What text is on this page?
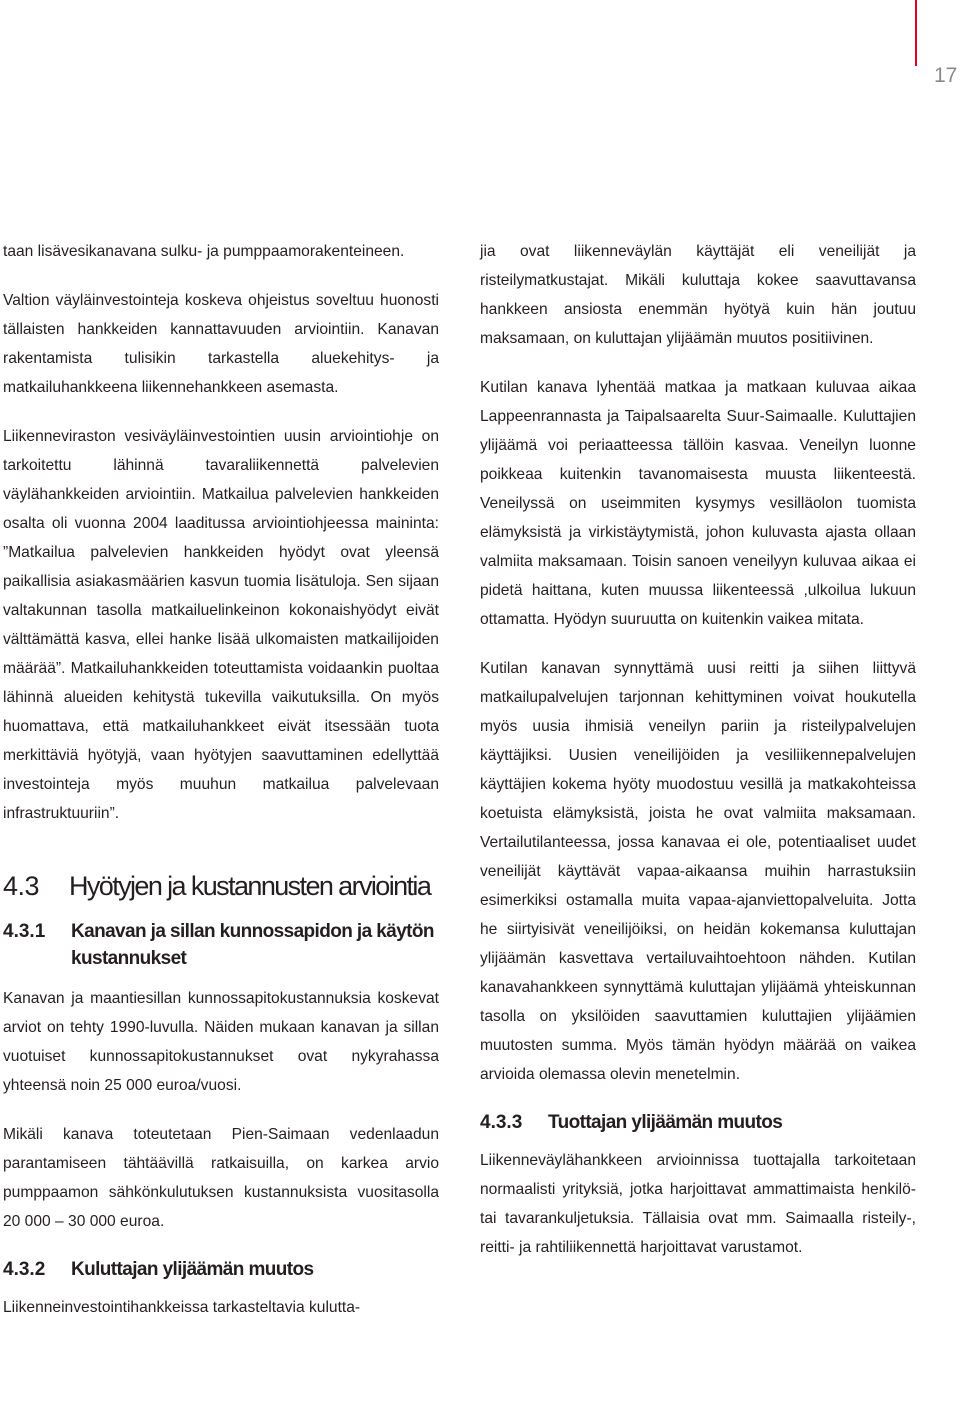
17

taan lisävesikanavana sulku- ja pumppaamorakenteineen.

Valtion väyläinvestointeja koskeva ohjeistus soveltuu huonosti tällaisten hankkeiden kannattavuuden arviointiin. Kanavan rakentamista tulisikin tarkastella aluekehitys- ja matkailuhankkeena liikennehankkeen asemasta.

Liikenneviraston vesiväyläinvestointien uusin arviointiohje on tarkoitettu lähinnä tavaraliikennettä palvelevien väylähankkeiden arviointiin. Matkailua palvelevien hankkeiden osalta oli vuonna 2004 laaditussa arviointiohjeessa maininta: ”Matkailua palvelevien hankkeiden hyödyt ovat yleensä paikallisia asiakasmäärien kasvun tuomia lisätuloja. Sen sijaan valtakunnan tasolla matkailuelinkeinon kokonaishyödyt eivät välttämättä kasva, ellei hanke lisää ulkomaisten matkailijoiden määrää”. Matkailuhankkeiden toteuttamista voidaankin puoltaa lähinnä alueiden kehitystä tukevilla vaikutuksilla. On myös huomattava, että matkailuhankkeet eivät itsessään tuota merkittäviä hyötyjä, vaan hyötyjen saavuttaminen edellyttää investointeja myös muuhun matkailua palvelevaan infrastruktuuriin”.

4.3	Hyötyjen ja kustannusten arviointia
4.3.1	Kanavan ja sillan kunnossapidon ja käytön kustannukset

Kanavan ja maantiesillan kunnossapitokustannuksia koskevat arviot on tehty 1990-luvulla. Näiden mukaan kanavan ja sillan vuotuiset kunnossapitokustannukset ovat nykyrahassa yhteensä noin 25 000 euroa/vuosi.

Mikäli kanava toteutetaan Pien-Saimaan vedenlaadun parantamiseen tähtäävillä ratkaisuilla, on karkea arvio pumppaamon sähkönkulutuksen kustannuksista vuositasolla 20 000 – 30 000 euroa.

4.3.2	Kuluttajan ylijäämän muutos

Liikenneinvestointihankkeissa tarkasteltavia kulutta-

jia ovat liikenneväylän käyttäjät eli veneilijät ja risteilymatkustajat. Mikäli kuluttaja kokee saavuttavansa hankkeen ansiosta enemmän hyötyä kuin hän joutuu maksamaan, on kuluttajan ylijäämän muutos positiivinen.

Kutilan kanava lyhentää matkaa ja matkaan kuluvaa aikaa Lappeenrannasta ja Taipalsaarelta Suur-Saimaalle. Kuluttajien ylijäämä voi periaatteessa tällöin kasvaa. Veneilyn luonne poikkeaa kuitenkin tavanomaisesta muusta liikenteestä. Veneilyssä on useimmiten kysymys vesilläolon tuomista elämyksistä ja virkistäytymistä, johon kuluvasta ajasta ollaan valmiita maksamaan. Toisin sanoen veneilyyn kuluvaa aikaa ei pidetä haittana, kuten muussa liikenteessä ,ulkoilua lukuun ottamatta. Hyödyn suuruutta on kuitenkin vaikea mitata.

Kutilan kanavan synnyttämä uusi reitti ja siihen liittyvä matkailupalvelujen tarjonnan kehittyminen voivat houkutella myös uusia ihmisiä veneilyn pariin ja risteilypalvelujen käyttäjiksi. Uusien veneilijöiden ja vesiliikennepalvelujen käyttäjien kokema hyöty muodostuu vesillä ja matkakohteissa koetuista elämyksistä, joista he ovat valmiita maksamaan. Vertailutilanteessa, jossa kanavaa ei ole, potentiaaliset uudet veneilijät käyttävät vapaa-aikaansa muihin harrastuksiin esimerkiksi ostamalla muita vapaa-ajanviettopalveluita. Jotta he siirtyisivät veneilijöiksi, on heidän kokemansa kuluttajan ylijäämän kasvettava vertailuvaihtoehtoon nähden. Kutilan kanavahankkeen synnyttämä kuluttajan ylijäämä yhteiskunnan tasolla on yksilöiden saavuttamien kuluttajien ylijäämien muutosten summa. Myös tämän hyödyn määrää on vaikea arvioida olemassa olevin menetelmin.

4.3.3	Tuottajan ylijäämän muutos

Liikenneväylähankkeen arvioinnissa tuottajalla tarkoitetaan normaalisti yrityksiä, jotka harjoittavat ammattimaista henkilö- tai tavarankuljetuksia. Tällaisia ovat mm. Saimaalla risteily-, reitti- ja rahtiliikennettä harjoittavat varustamot.
